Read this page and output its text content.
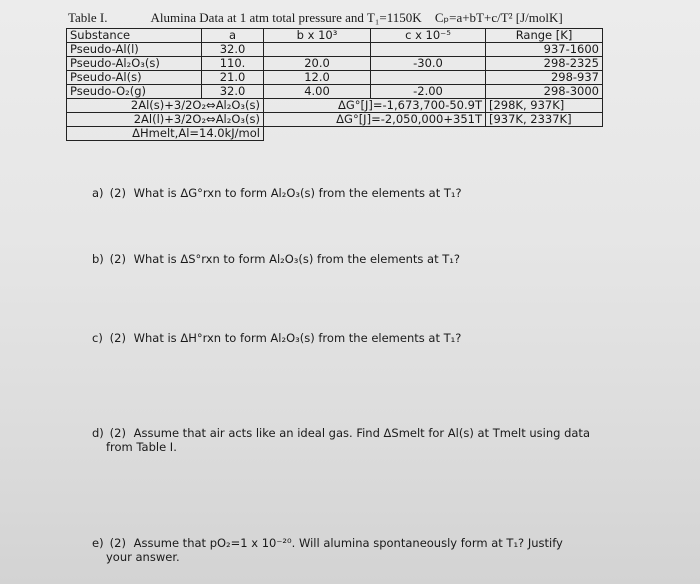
Table I.	Alumina Data at 1 atm total pressure and T₁=1150K Cₚ=a+bT+c/T² [J/molK]
Substance	a	b x 10³	c x 10⁻⁵	Range [K]
Pseudo-Al(l)	32.0			937-1600
Pseudo-Al₂O₃(s)	110.	20.0	-30.0	298-2325
Pseudo-Al(s)	21.0	12.0		298-937
Pseudo-O₂(g)	32.0	4.00	-2.00	298-3000
2Al(s)+3/2O₂⇔Al₂O₃(s)		ΔG°[J]=-1,673,700-50.9T		[298K, 937K]
2Al(l)+3/2O₂⇔Al₂O₃(s)		ΔG°[J]=-2,050,000+351T		[937K, 2337K]
ΔHmelt,Al=14.0kJ/mol				
a) (2) What is ΔG°rxn to form Al₂O₃(s) from the elements at T₁?
b) (2) What is ΔS°rxn to form Al₂O₃(s) from the elements at T₁?
c) (2) What is ΔH°rxn to form Al₂O₃(s) from the elements at T₁?
d) (2) Assume that air acts like an ideal gas. Find ΔSmelt for Al(s) at Tmelt using data
from Table I.
e) (2) Assume that pO₂=1 x 10⁻²⁰. Will alumina spontaneously form at T₁? Justify
your answer.
